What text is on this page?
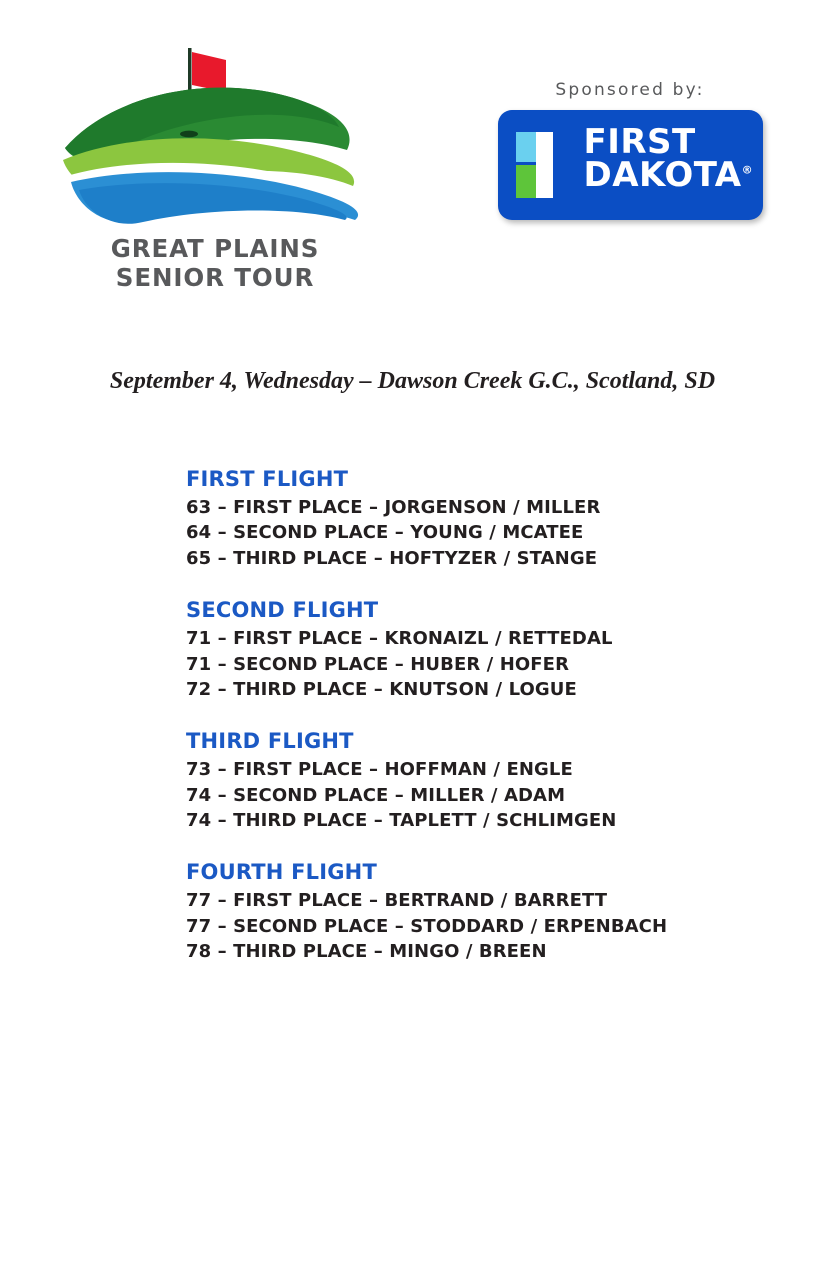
GREAT PLAINS SENIOR TOUR
Sponsored by:
FIRST
DAKOTA®
September 4, Wednesday – Dawson Creek G.C., Scotland, SD
FIRST FLIGHT
63 – FIRST PLACE – JORGENSON / MILLER
64 – SECOND PLACE – YOUNG / MCATEE
65 – THIRD PLACE – HOFTYZER / STANGE
SECOND FLIGHT
71 – FIRST PLACE – KRONAIZL / RETTEDAL
71 – SECOND PLACE – HUBER / HOFER
72 – THIRD PLACE – KNUTSON / LOGUE
THIRD FLIGHT
73 – FIRST PLACE – HOFFMAN / ENGLE
74 – SECOND PLACE – MILLER / ADAM
74 – THIRD PLACE – TAPLETT / SCHLIMGEN
FOURTH FLIGHT
77 – FIRST PLACE – BERTRAND / BARRETT
77 – SECOND PLACE – STODDARD / ERPENBACH
78 – THIRD PLACE – MINGO / BREEN
